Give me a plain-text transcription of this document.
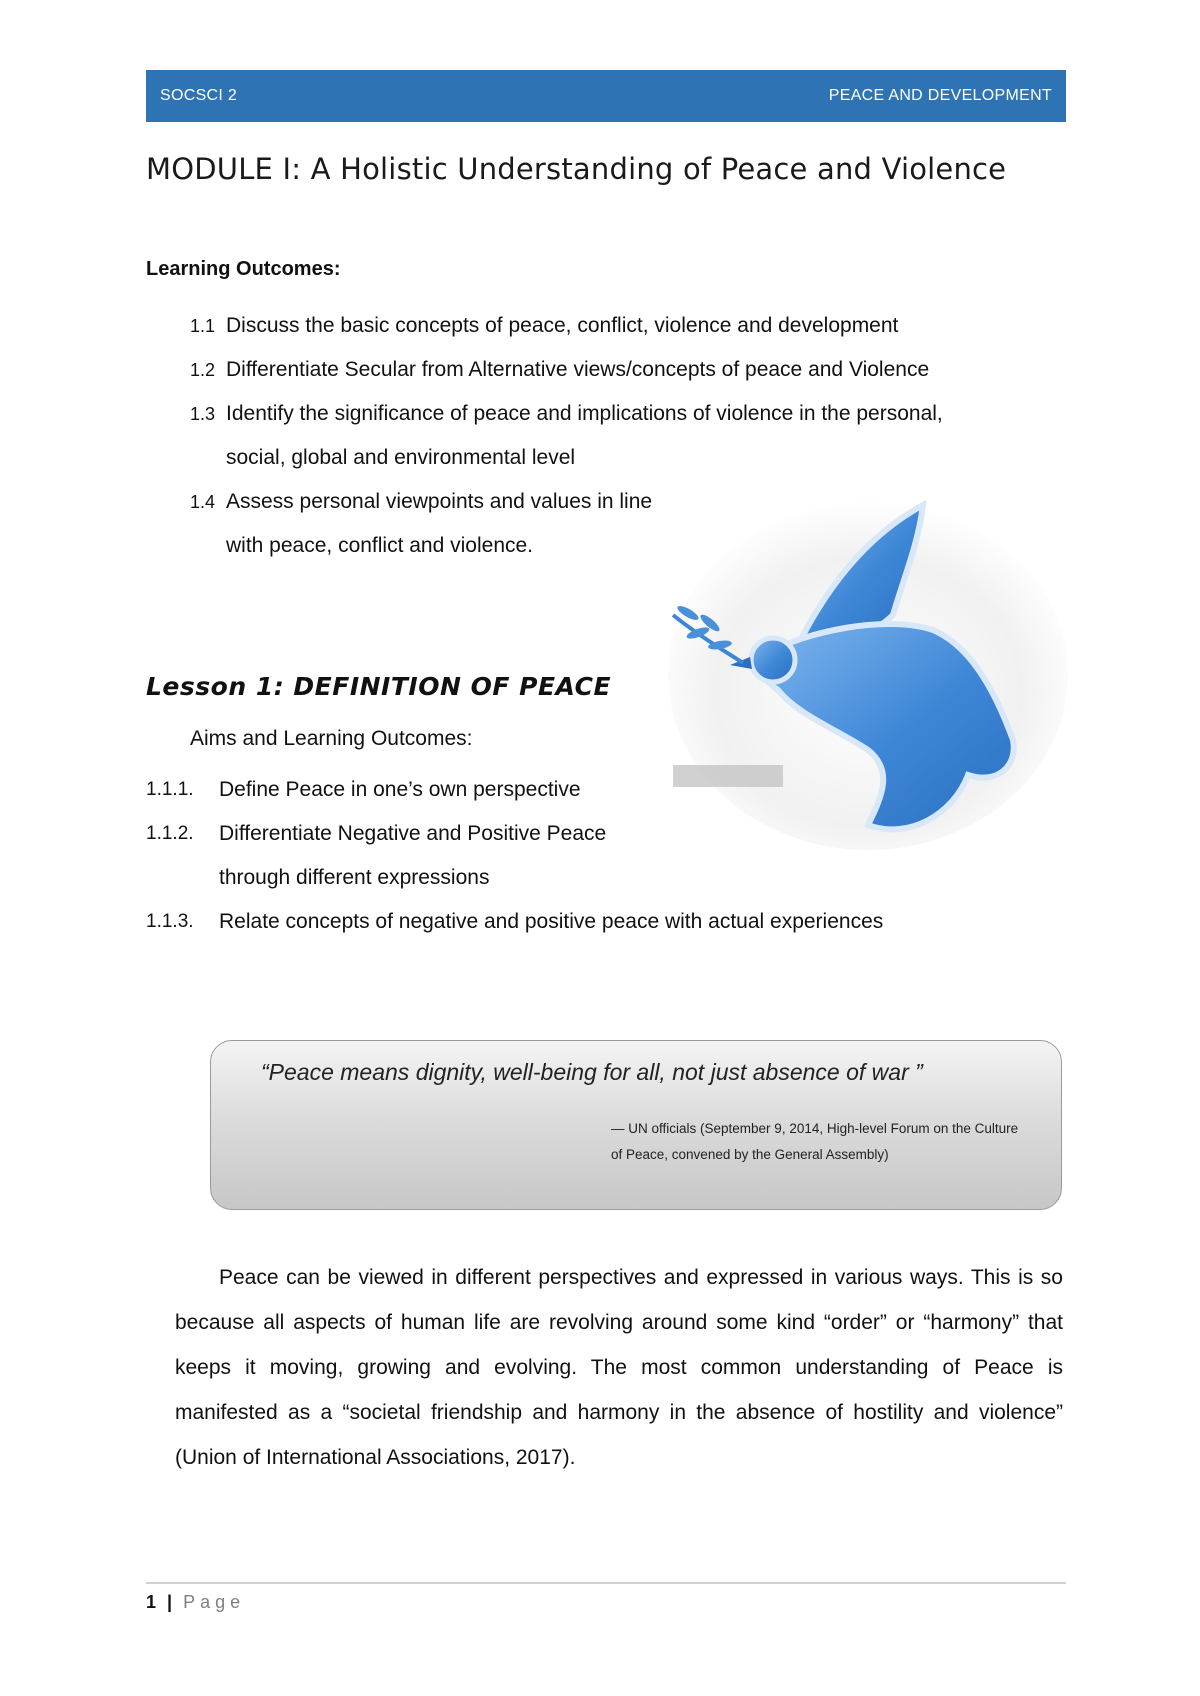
SOCSCI 2	PEACE AND DEVELOPMENT
MODULE I: A Holistic Understanding of Peace and Violence
Learning Outcomes:
1.1 Discuss the basic concepts of peace, conflict, violence and development
1.2 Differentiate Secular from Alternative views/concepts of peace and Violence
1.3 Identify the significance of peace and implications of violence in the personal, social, global and environmental level
1.4 Assess personal viewpoints and values in line with peace, conflict and violence.
Lesson 1: DEFINITION OF PEACE
Aims and Learning Outcomes:
1.1.1. Define Peace in one’s own perspective
1.1.2. Differentiate Negative and Positive Peace through different expressions
1.1.3. Relate concepts of negative and positive peace with actual experiences
“Peace means dignity, well-being for all, not just absence of war ”
— UN officials (September 9, 2014, High-level Forum on the Culture of Peace, convened by the General Assembly)
Peace can be viewed in different perspectives and expressed in various ways. This is so because all aspects of human life are revolving around some kind “order” or “harmony” that keeps it moving, growing and evolving. The most common understanding of Peace is manifested as a “societal friendship and harmony in the absence of hostility and violence” (Union of International Associations, 2017).
1 | Page
